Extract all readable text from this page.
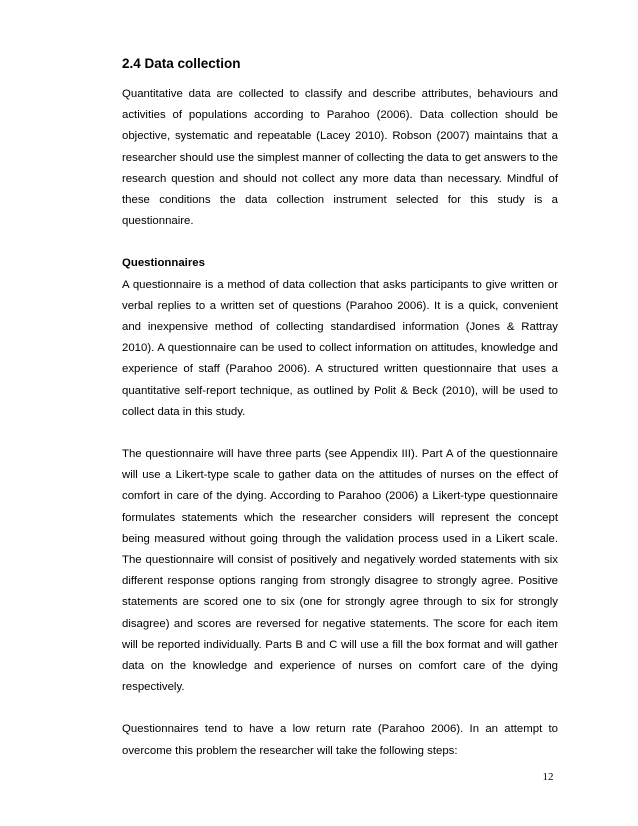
2.4 Data collection

Quantitative data are collected to classify and describe attributes, behaviours and activities of populations according to Parahoo (2006). Data collection should be objective, systematic and repeatable (Lacey 2010). Robson (2007) maintains that a researcher should use the simplest manner of collecting the data to get answers to the research question and should not collect any more data than necessary. Mindful of these conditions the data collection instrument selected for this study is a questionnaire.

Questionnaires

A questionnaire is a method of data collection that asks participants to give written or verbal replies to a written set of questions (Parahoo 2006). It is a quick, convenient and inexpensive method of collecting standardised information (Jones & Rattray 2010). A questionnaire can be used to collect information on attitudes, knowledge and experience of staff (Parahoo 2006). A structured written questionnaire that uses a quantitative self-report technique, as outlined by Polit & Beck (2010), will be used to collect data in this study.

The questionnaire will have three parts (see Appendix III). Part A of the questionnaire will use a Likert-type scale to gather data on the attitudes of nurses on the effect of comfort in care of the dying. According to Parahoo (2006) a Likert-type questionnaire formulates statements which the researcher considers will represent the concept being measured without going through the validation process used in a Likert scale. The questionnaire will consist of positively and negatively worded statements with six different response options ranging from strongly disagree to strongly agree. Positive statements are scored one to six (one for strongly agree through to six for strongly disagree) and scores are reversed for negative statements. The score for each item will be reported individually. Parts B and C will use a fill the box format and will gather data on the knowledge and experience of nurses on comfort care of the dying respectively.

Questionnaires tend to have a low return rate (Parahoo 2006). In an attempt to overcome this problem the researcher will take the following steps:

12
